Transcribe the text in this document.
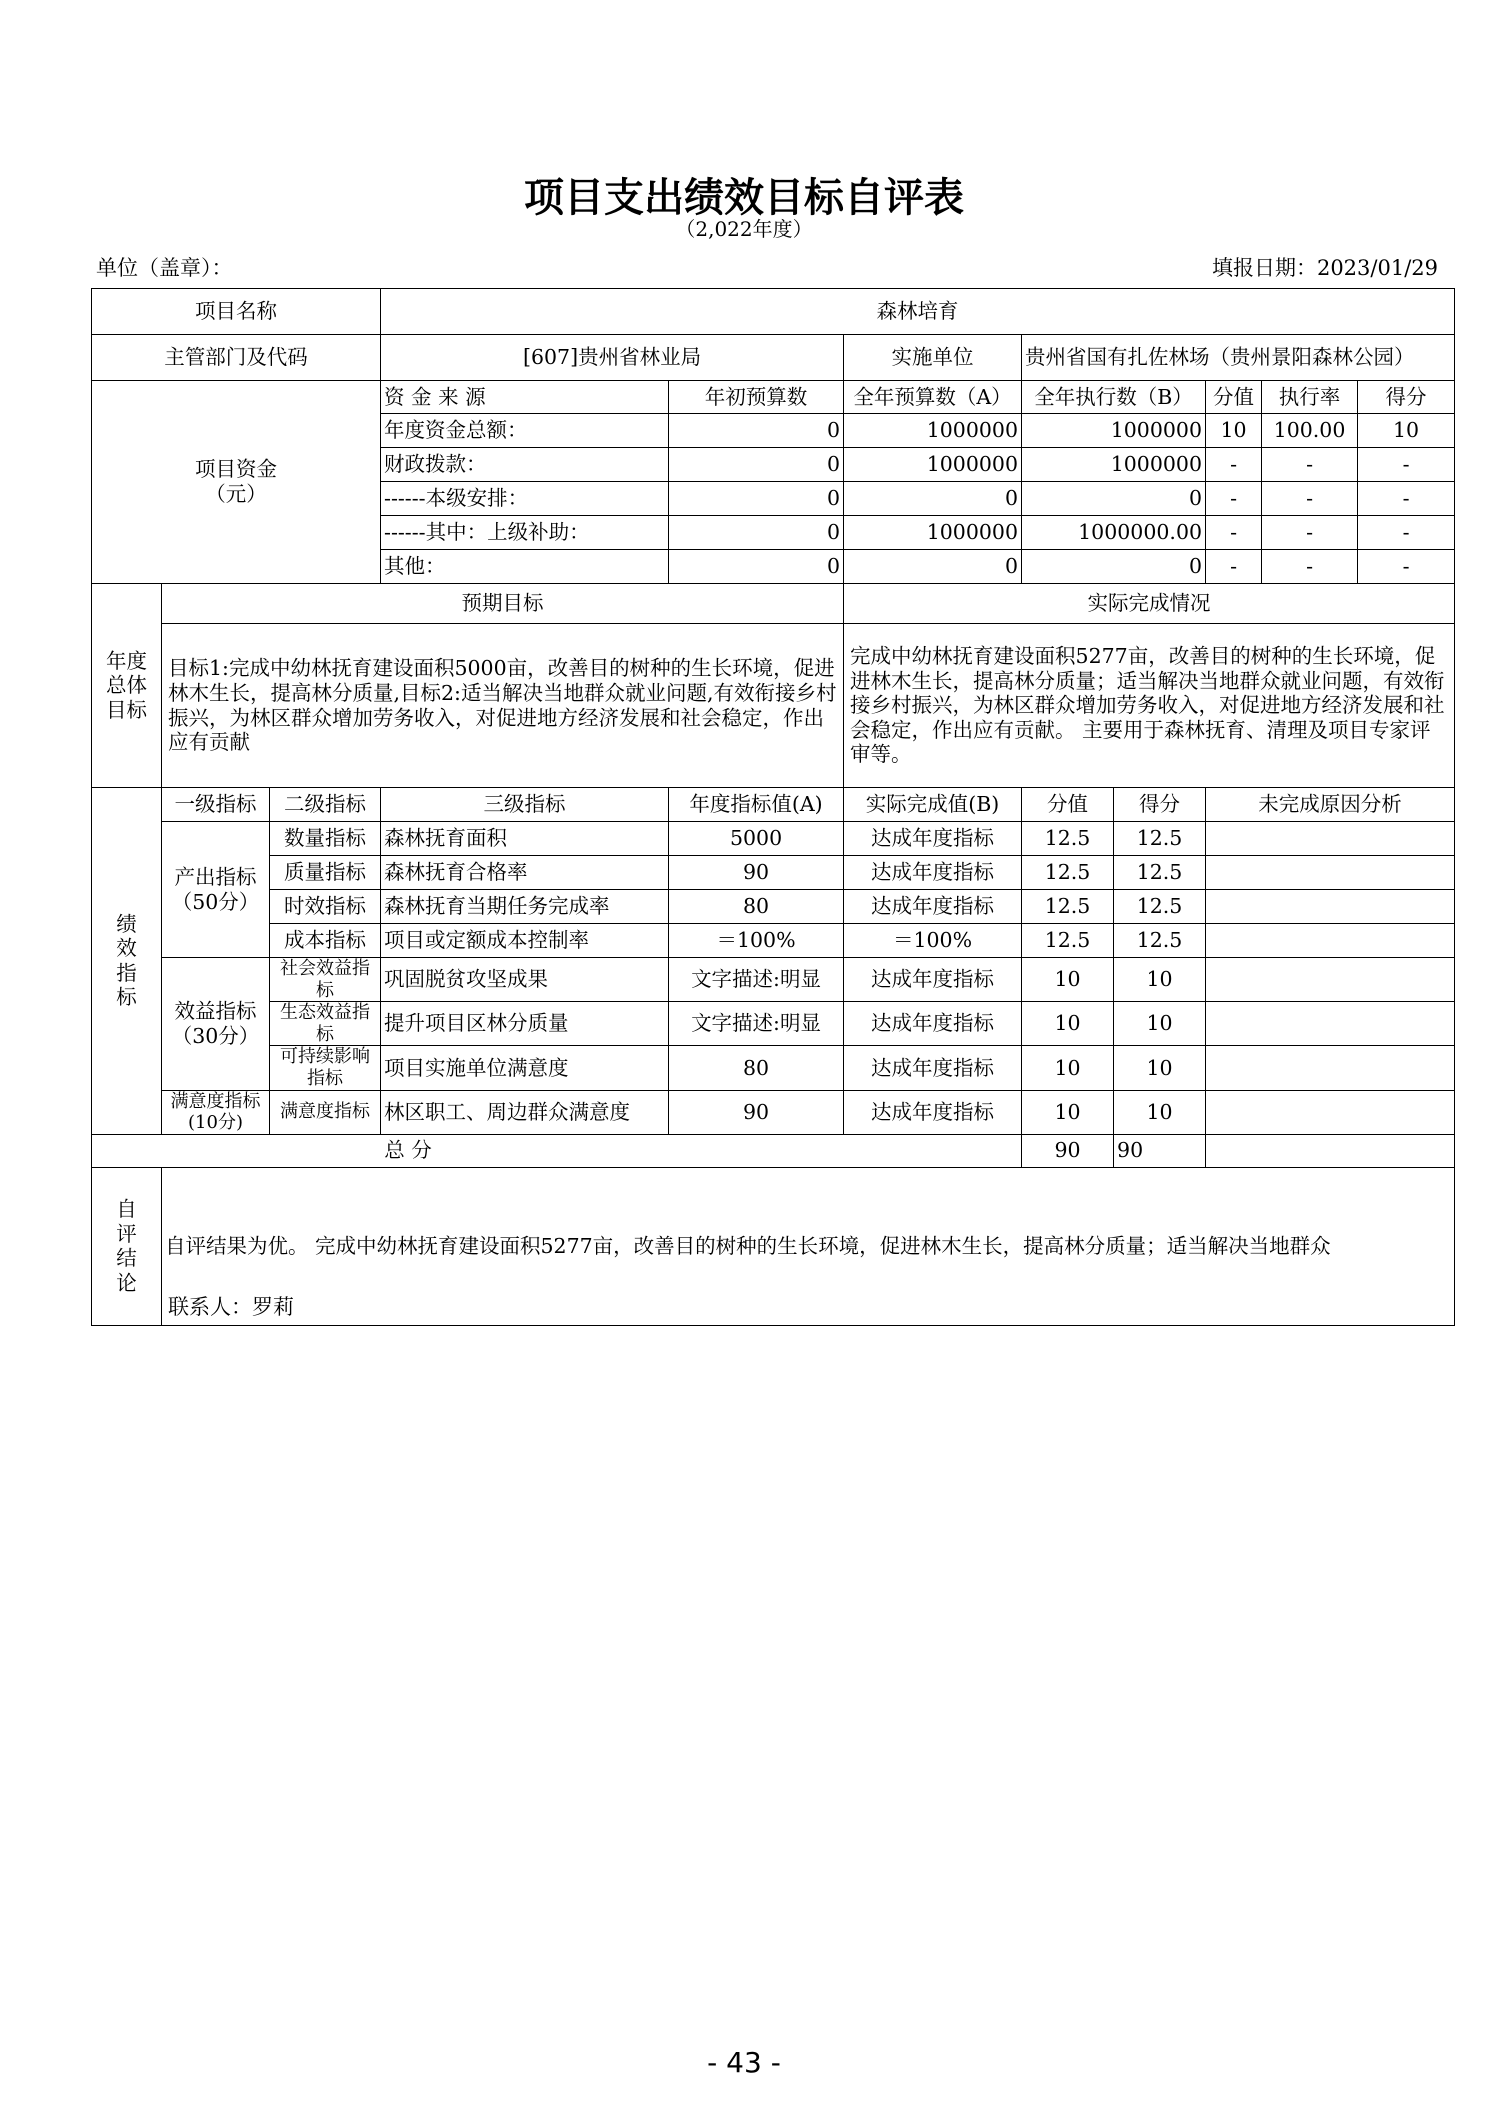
项目支出绩效目标自评表
（2,022年度）
单位（盖章）：	填报日期：2023/01/29
项目名称			森林培育							
主管部门及代码			[607]贵州省林业局		实施单位	贵州省国有扎佐林场（贵州景阳森林公园）				

项目资金
（元）			资 金 来 源	年初预算数	全年预算数（A）	全年执行数（B）		分值	执行率	得分
			年度资金总额：	0	1000000	1000000		10	100.00	10
			财政拨款：	0	1000000	1000000		-	-	-
			------本级安排：	0	0	0		-	-	-
			------其中：上级补助：	0	1000000	1000000.00		-	-	-
			其他：	0	0	0		-	-	-

年度
总体
目标	预期目标				实际完成情况					
	目标1:完成中幼林抚育建设面积5000亩，改善目的树种的生长环境，促进林木生长，提高林分质量,目标2:适当解决当地群众就业问题,有效衔接乡村振兴，为林区群众增加劳务收入，对促进地方经济发展和社会稳定，作出应有贡献				完成中幼林抚育建设面积5277亩，改善目的树种的生长环境，促进林木生长，提高林分质量；适当解决当地群众就业问题，有效衔接乡村振兴，为林区群众增加劳务收入，对促进地方经济发展和社会稳定，作出应有贡献。 主要用于森林抚育、清理及项目专家评审等。					

绩
效
指
标	一级指标	二级指标	三级指标	年度指标值(A)	实际完成值(B)	分值	得分	未完成原因分析		
	产出指标（50分）	数量指标	森林抚育面积	5000	达成年度指标	12.5	12.5			
		质量指标	森林抚育合格率	90	达成年度指标	12.5	12.5			
		时效指标	森林抚育当期任务完成率	80	达成年度指标	12.5	12.5			
		成本指标	项目或定额成本控制率	＝100%	＝100%	12.5	12.5			
	效益指标（30分）	社会效益指标	巩固脱贫攻坚成果	文字描述:明显	达成年度指标	10	10			
		生态效益指标	提升项目区林分质量	文字描述:明显	达成年度指标	10	10			
		可持续影响指标	项目实施单位满意度	80	达成年度指标	10	10			
	满意度指标(10分)	满意度指标	林区职工、周边群众满意度	90	达成年度指标	10	10			
总 分						90	90			

自
评
结
论	自评结果为优。 完成中幼林抚育建设面积5277亩，改善目的树种的生长环境，促进林木生长，提高林分质量；适当解决当地群众									
联系人：罗莉
- 43 -
